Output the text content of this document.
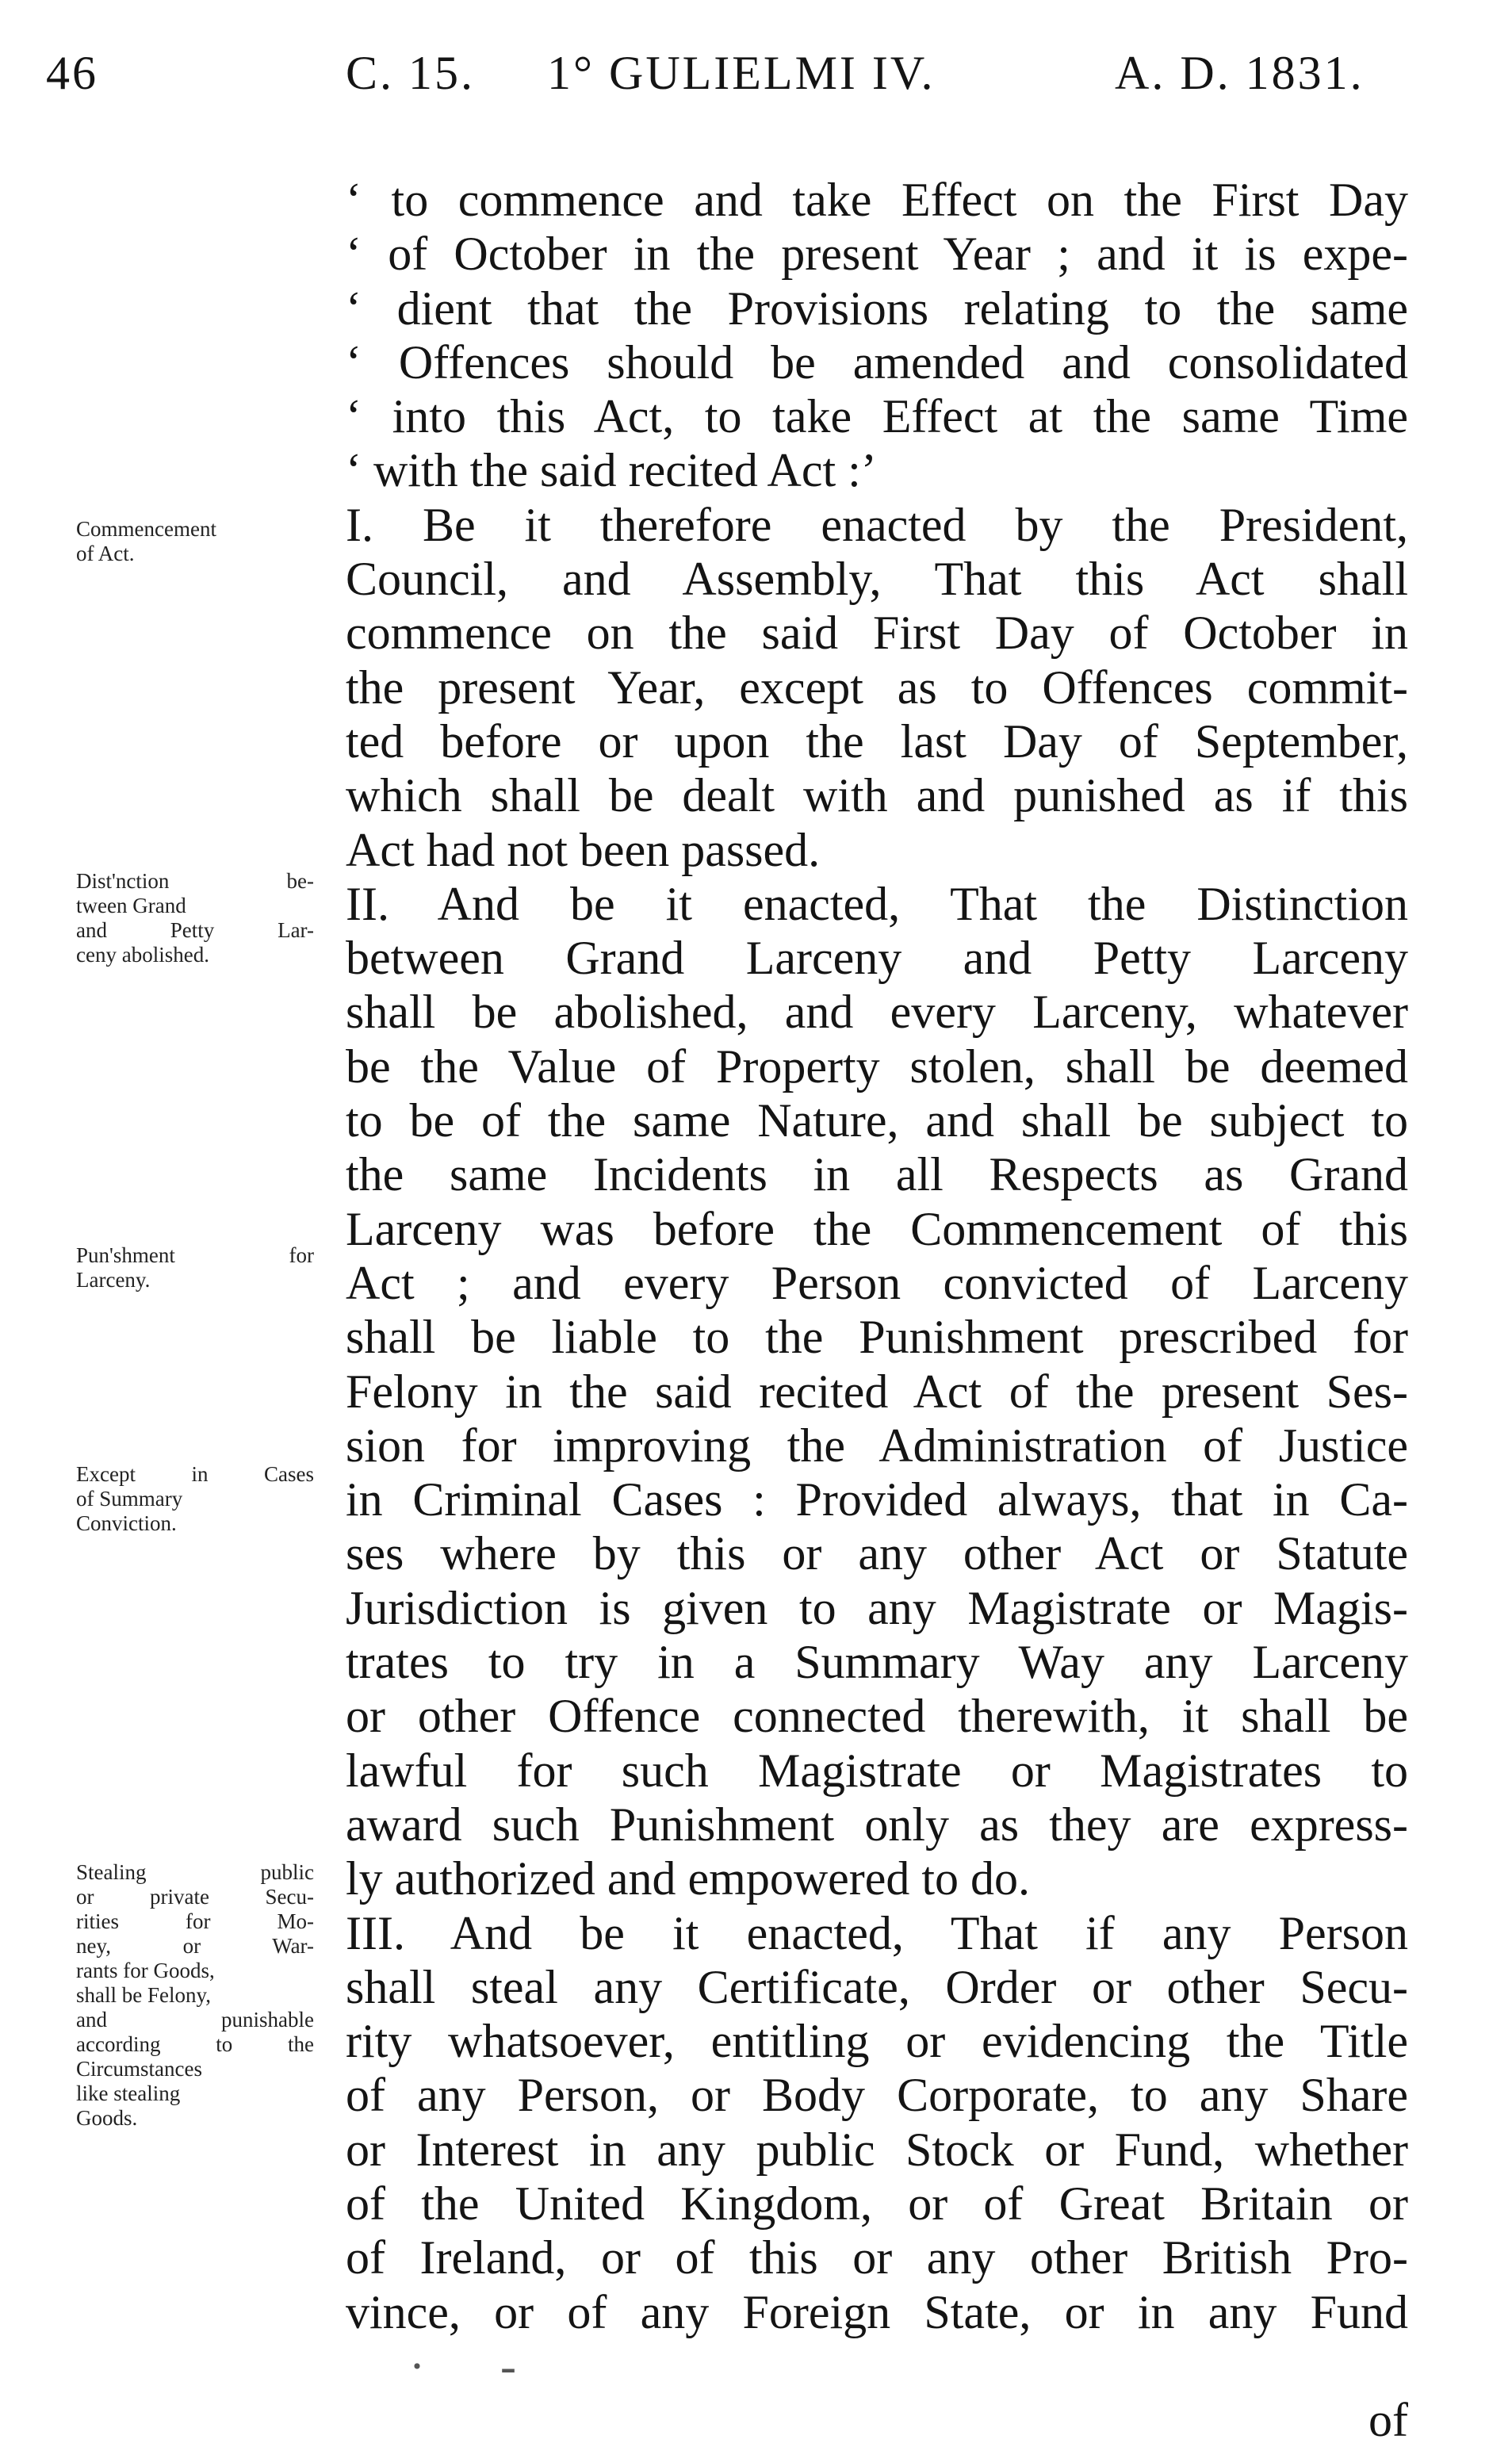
46	C. 15. 1° GULIELMI IV.	A. D. 1831.
Commencement
of Act.
Dist'nction be-
tween Grand
and Petty Lar-
ceny abolished.
Pun'shment for
Larceny.
Except in Cases
of Summary
Conviction.
Stealing public
or private Secu-
rities for Mo-
ney, or War-
rants for Goods,
shall be Felony,
and punishable
according to the
Circumstances
like stealing
Goods.
‘ to commence and take Effect on the First Day
‘ of October in the present Year ; and it is expe-
‘ dient that the Provisions relating to the same
‘ Offences should be amended and consolidated
‘ into this Act, to take Effect at the same Time
‘ with the said recited Act :’
I. Be it therefore enacted by the President,
Council, and Assembly, That this Act shall
commence on the said First Day of October in
the present Year, except as to Offences commit-
ted before or upon the last Day of September,
which shall be dealt with and punished as if this
Act had not been passed.
II. And be it enacted, That the Distinction
between Grand Larceny and Petty Larceny
shall be abolished, and every Larceny, whatever
be the Value of Property stolen, shall be deemed
to be of the same Nature, and shall be subject to
the same Incidents in all Respects as Grand
Larceny was before the Commencement of this
Act ; and every Person convicted of Larceny
shall be liable to the Punishment prescribed for
Felony in the said recited Act of the present Ses-
sion for improving the Administration of Justice
in Criminal Cases : Provided always, that in Ca-
ses where by this or any other Act or Statute
Jurisdiction is given to any Magistrate or Magis-
trates to try in a Summary Way any Larceny
or other Offence connected therewith, it shall be
lawful for such Magistrate or Magistrates to
award such Punishment only as they are express-
ly authorized and empowered to do.
III. And be it enacted, That if any Person
shall steal any Certificate, Order or other Secu-
rity whatsoever, entitling or evidencing the Title
of any Person, or Body Corporate, to any Share
or Interest in any public Stock or Fund, whether
of the United Kingdom, or of Great Britain or
of Ireland, or of this or any other British Pro-
vince, or of any Foreign State, or in any Fund
· -
of
